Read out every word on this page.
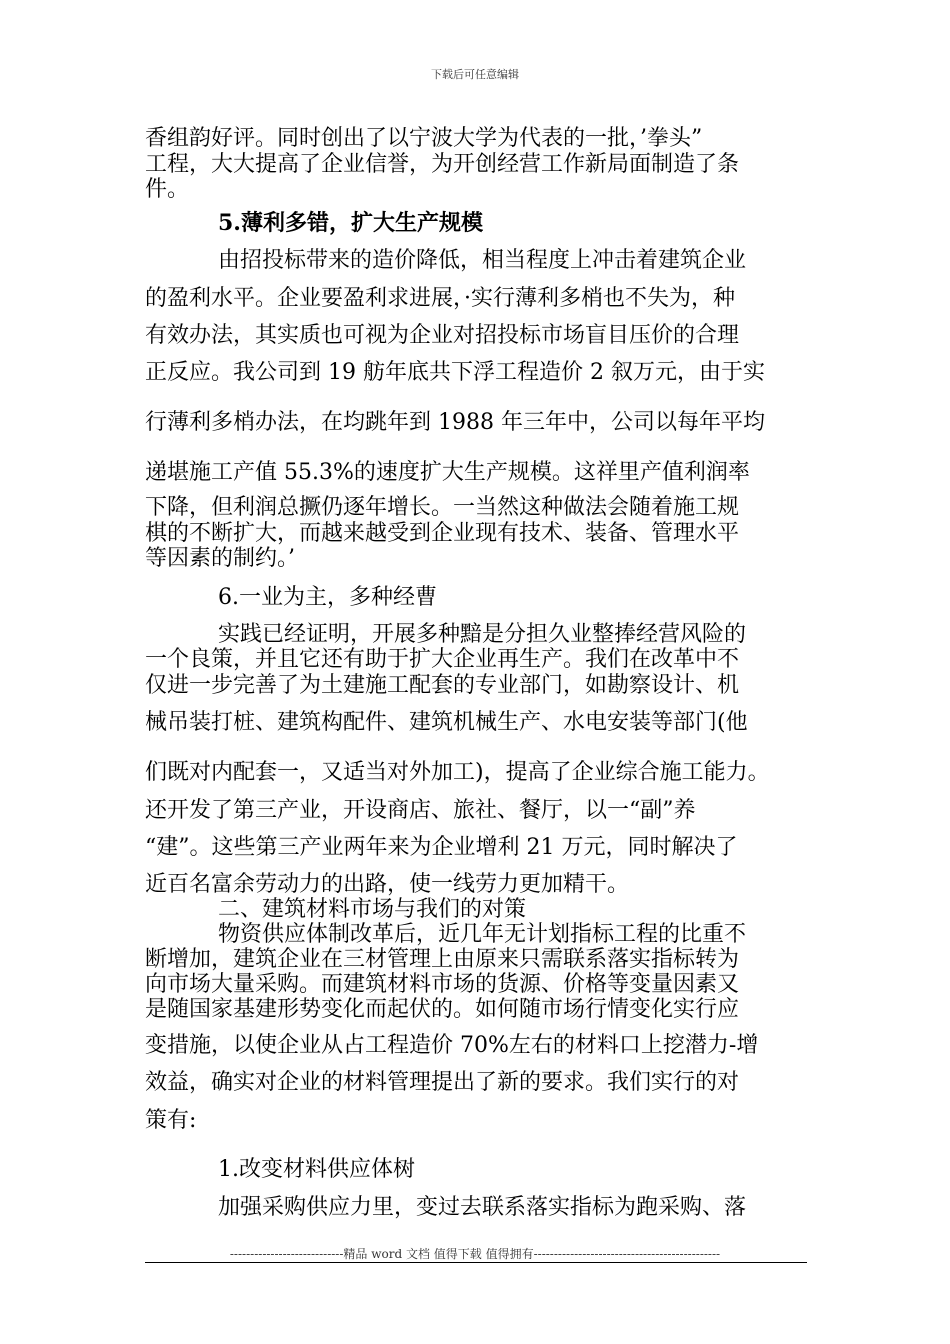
下载后可任意编辑
香组韵好评。同时创出了以宁波大学为代表的一批，’拳头”
工程，大大提高了企业信誉，为开创经营工作新局面制造了条
件。
5.薄利多错，扩大生产规模
由招投标带来的造价降低，相当程度上冲击着建筑企业
的盈利水平。企业要盈利求进展，·实行薄利多梢也不失为，种
有效办法，其实质也可视为企业对招投标市场盲目压价的合理
正反应。我公司到 19 舫年底共下浮工程造价 2 叙万元，由于实
行薄利多梢办法，在均跳年到 1988 年三年中，公司以每年平均
递堪施工产值 55.3%的速度扩大生产规模。这祥里产值利润率
下降，但利润总撅仍逐年增长。一当然这种做法会随着施工规
棋的不断扩大，而越来越受到企业现有技术、装备、管理水平
等因素的制约。’
6.一业为主，多种经曹
实践已经证明，开展多种黯是分担久业整捧经营风险的
一个良策，并且它还有助于扩大企业再生产。我们在改革中不
仅进一步完善了为土建施工配套的专业部门，如勘察设计、机
械吊装打桩、建筑构配件、建筑机械生产、水电安装等部门(他
们既对内配套一，又适当对外加工)，提高了企业综合施工能力。
还开发了第三产业，开设商店、旅社、餐厅，以一“副”养
“建”。这些第三产业两年来为企业增利 21 万元，同时解决了
近百名富余劳动力的出路，使一线劳力更加精干。
二、建筑材料市场与我们的对策
物资供应体制改革后，近几年无计划指标工程的比重不
断增加，建筑企业在三材管理上由原来只需联系落实指标转为
向市场大量采购。而建筑材料市场的货源、价格等变量因素又
是随国家基建形势变化而起伏的。如何随市场行情变化实行应
变措施，以使企业从占工程造价 70%左右的材料口上挖潜力-增
效益，确实对企业的材料管理提出了新的要求。我们实行的对
策有:
1.改变材料供应体树
加强采购供应力里，变过去联系落实指标为跑采购、落
----------------------------精品 word 文档 值得下载 值得拥有----------------------------------------------
